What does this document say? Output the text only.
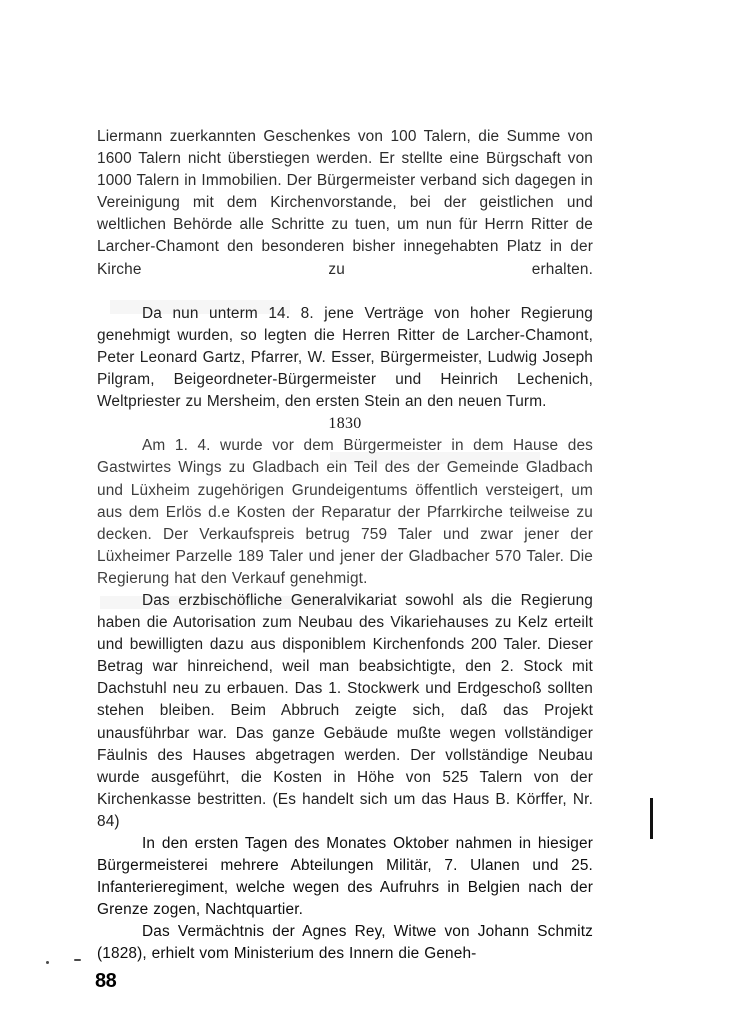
Liermann zuerkannten Geschenkes von 100 Talern, die Summe von 1600 Talern nicht überstiegen werden. Er stellte eine Bürgschaft von 1000 Talern in Immobilien. Der Bürgermeister verband sich dagegen in Vereinigung mit dem Kirchenvorstande, bei der geistlichen und weltlichen Behörde alle Schritte zu tuen, um nun für Herrn Ritter de Larcher-Chamont den besonderen bisher innegehabten Platz in der Kirche zu erhalten.

Da nun unterm 14. 8. jene Verträge von hoher Regierung genehmigt wurden, so legten die Herren Ritter de Larcher-Chamont, Peter Leonard Gartz, Pfarrer, W. Esser, Bürgermeister, Ludwig Joseph Pilgram, Beigeordneter-Bürgermeister und Heinrich Lechenich, Weltpriester zu Mersheim, den ersten Stein an den neuen Turm.

1830

Am 1. 4. wurde vor dem Bürgermeister in dem Hause des Gastwirtes Wings zu Gladbach ein Teil des der Gemeinde Gladbach und Lüxheim zugehörigen Grundeigentums öffentlich versteigert, um aus dem Erlös d.e Kosten der Reparatur der Pfarrkirche teilweise zu decken. Der Verkaufspreis betrug 759 Taler und zwar jener der Lüxheimer Parzelle 189 Taler und jener der Gladbacher 570 Taler. Die Regierung hat den Verkauf genehmigt.

Das erzbischöfliche Generalvikariat sowohl als die Regierung haben die Autorisation zum Neubau des Vikariehauses zu Kelz erteilt und bewilligten dazu aus disponiblem Kirchenfonds 200 Taler. Dieser Betrag war hinreichend, weil man beabsichtigte, den 2. Stock mit Dachstuhl neu zu erbauen. Das 1. Stockwerk und Erdgeschoß sollten stehen bleiben. Beim Abbruch zeigte sich, daß das Projekt unausführbar war. Das ganze Gebäude mußte wegen vollständiger Fäulnis des Hauses abgetragen werden. Der vollständige Neubau wurde ausgeführt, die Kosten in Höhe von 525 Talern von der Kirchenkasse bestritten. (Es handelt sich um das Haus B. Körffer, Nr. 84)

In den ersten Tagen des Monates Oktober nahmen in hiesiger Bürgermeisterei mehrere Abteilungen Militär, 7. Ulanen und 25. Infanterieregiment, welche wegen des Aufruhrs in Belgien nach der Grenze zogen, Nachtquartier.

Das Vermächtnis der Agnes Rey, Witwe von Johann Schmitz (1828), erhielt vom Ministerium des Innern die Geneh-

88
